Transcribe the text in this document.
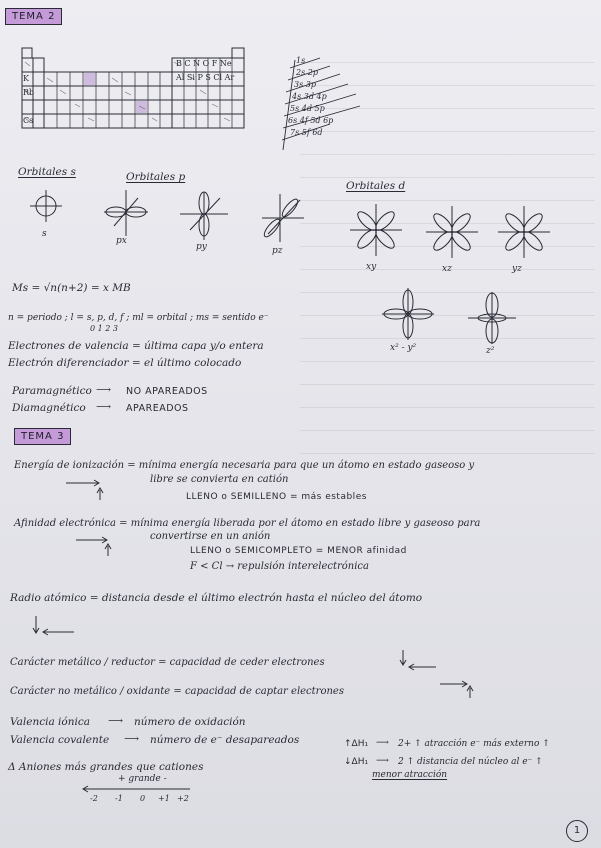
TEMA 2
B C N O F Ne
Al Si P S Cl Ar
K
Rb
Cs
1s
2s 2p
3s 3p
4s 3d 4p
5s 4d 5p
6s 4f 5d 6p
7s 5f 6d
Orbitales s	Orbitales p
Orbitales d
s
px
py	pz
xy	xz	yz
x² - y²	z²
Ms = √n(n+2) = x MB
n = periodo ; l = s, p, d, f ; ml = orbital ; ms = sentido e⁻
0 1 2 3
Electrones de valencia = última capa y/o entera
Electrón diferenciador = el último colocado
Paramagnético ⟶ NO APAREADOS
Diamagnético ⟶ APAREADOS
TEMA 3
Energía de ionización = mínima energía necesaria para que un átomo en estado gaseoso y
libre se convierta en catión
LLENO o SEMILLENO = más estables
Afinidad electrónica = mínima energía liberada por el átomo en estado libre y gaseoso para
convertirse en un anión
LLENO o SEMICOMPLETO = MENOR afinidad
F < Cl → repulsión interelectrónica
Radio atómico = distancia desde el último electrón hasta el núcleo del átomo
Carácter metálico / reductor = capacidad de ceder electrones
Carácter no metálico / oxidante = capacidad de captar electrones
Valencia iónica ⟶ número de oxidación
Valencia covalente ⟶ número de e⁻ desapareados
Δ Aniones más grandes que cationes
+ grande -
-2 -1 0 +1 +2
↑ΔH₁ ⟶ 2+ ↑ atracción e⁻ más externo ↑
↓ΔH₁ ⟶ 2 ↑ distancia del núcleo al e⁻ ↑
menor atracción
1
